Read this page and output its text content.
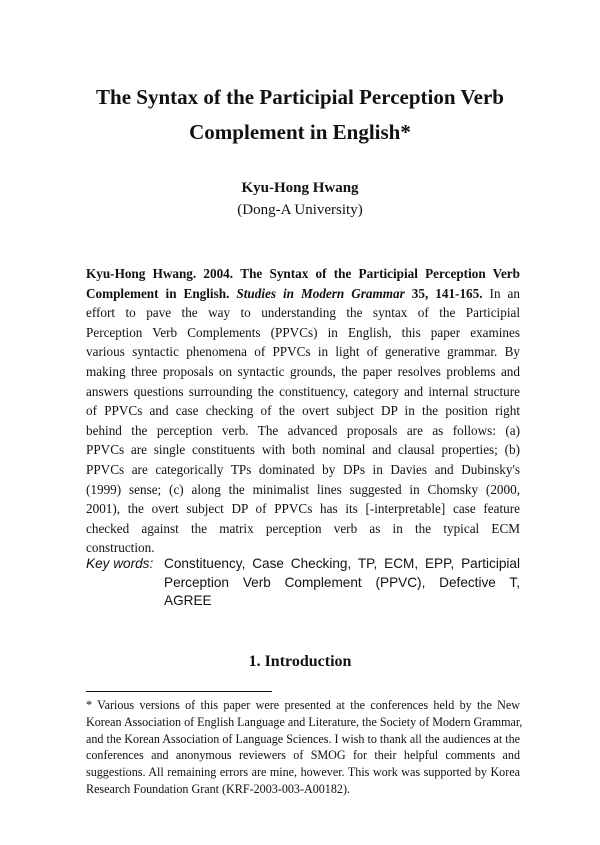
The Syntax of the Participial Perception Verb
Complement in English*
Kyu-Hong Hwang
(Dong-A University)
Kyu-Hong Hwang. 2004. The Syntax of the Participial Perception Verb
Complement in English. Studies in Modern Grammar 35, 141-165. In an
effort to pave the way to understanding the syntax of the Participial
Perception Verb Complements (PPVCs) in English, this paper examines
various syntactic phenomena of PPVCs in light of generative grammar. By
making three proposals on syntactic grounds, the paper resolves problems and
answers questions surrounding the constituency, category and internal structure
of PPVCs and case checking of the overt subject DP in the position right
behind the perception verb. The advanced proposals are as follows: (a)
PPVCs are single constituents with both nominal and clausal properties; (b)
PPVCs are categorically TPs dominated by DPs in Davies and Dubinsky's
(1999) sense; (c) along the minimalist lines suggested in Chomsky (2000,
2001), the overt subject DP of PPVCs has its [-interpretable] case feature
checked against the matrix perception verb as in the typical ECM
construction.
Key words: Constituency, Case Checking, TP, ECM, EPP, Participial
Perception Verb Complement (PPVC), Defective T,
AGREE
1. Introduction
* Various versions of this paper were presented at the conferences held by the New
Korean Association of English Language and Literature, the Society of Modern Grammar,
and the Korean Association of Language Sciences. I wish to thank all the audiences at the
conferences and anonymous reviewers of SMOG for their helpful comments and
suggestions. All remaining errors are mine, however. This work was supported by Korea
Research Foundation Grant (KRF-2003-003-A00182).
